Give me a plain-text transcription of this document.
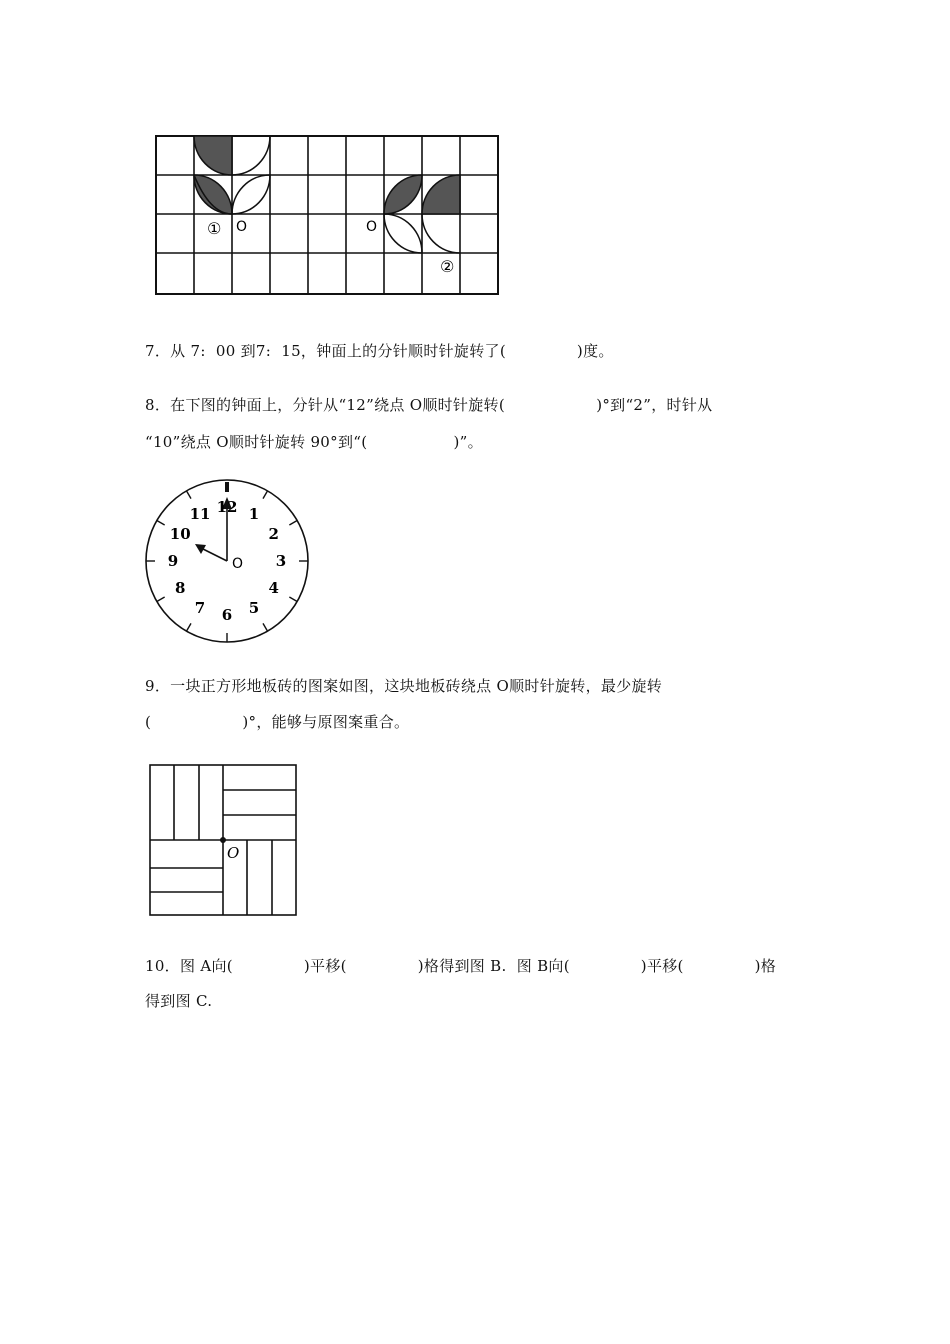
① O	O
②
7．从 7:  00 到7:  15，钟面上的分针顺时针旋转了(              )度。
8．在下图的钟面上，分针从“12”绕点 O顺时针旋转(                  )°到“2”，时针从
“10”绕点 O顺时针旋转 90°到“(                 )”。
12 1
2
3
4
5
6
7
8
9
10
11
O
9．一块正方形地板砖的图案如图，这块地板砖绕点 O顺时针旋转，最少旋转
(                  )°，能够与原图案重合。
O
10．图 A向(              )平移(              )格得到图 B.  图 B向(              )平移(              )格
得到图 C.
